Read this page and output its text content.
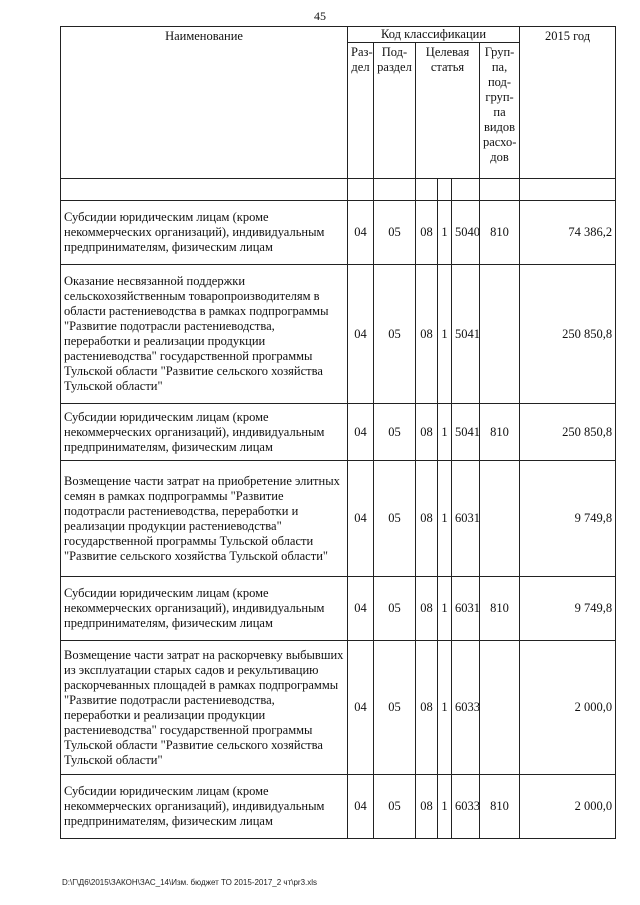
45
Наименование	Код классификации						2015 год
	Раз-дел	Под-раздел	Целевая статья			Груп-па, под-груп-па видов расхо-дов	

Субсидии юридическим лицам (кроме некоммерческих организаций), индивидуальным предпринимателям, физическим лицам	04	05	08	1	5040	810	74 386,2
Оказание несвязанной поддержки сельскохозяйственным товаропроизводителям в области растениеводства в рамках подпрограммы "Развитие подотрасли растениеводства, переработки и реализации продукции растениеводства" государственной программы Тульской области "Развитие сельского хозяйства Тульской области"	04	05	08	1	5041		250 850,8
Субсидии юридическим лицам (кроме некоммерческих организаций), индивидуальным предпринимателям, физическим лицам	04	05	08	1	5041	810	250 850,8
Возмещение части затрат на приобретение элитных семян в рамках подпрограммы "Развитие подотрасли растениеводства, переработки и реализации продукции растениеводства" государственной программы Тульской области "Развитие сельского хозяйства Тульской области"	04	05	08	1	6031		9 749,8
Субсидии юридическим лицам (кроме некоммерческих организаций), индивидуальным предпринимателям, физическим лицам	04	05	08	1	6031	810	9 749,8
Возмещение части затрат на раскорчевку выбывших из эксплуатации старых садов и рекультивацию раскорчеванных площадей в рамках подпрограммы "Развитие подотрасли растениеводства, переработки и реализации продукции растениеводства" государственной программы Тульской области "Развитие сельского хозяйства Тульской области"	04	05	08	1	6033		2 000,0
Субсидии юридическим лицам (кроме некоммерческих организаций), индивидуальным предпринимателям, физическим лицам	04	05	08	1	6033	810	2 000,0
D:\Г\Д6\2015\ЗАКОН\ЗАС_14\Изм. бюджет ТО 2015-2017_2 чт\pr3.xls
